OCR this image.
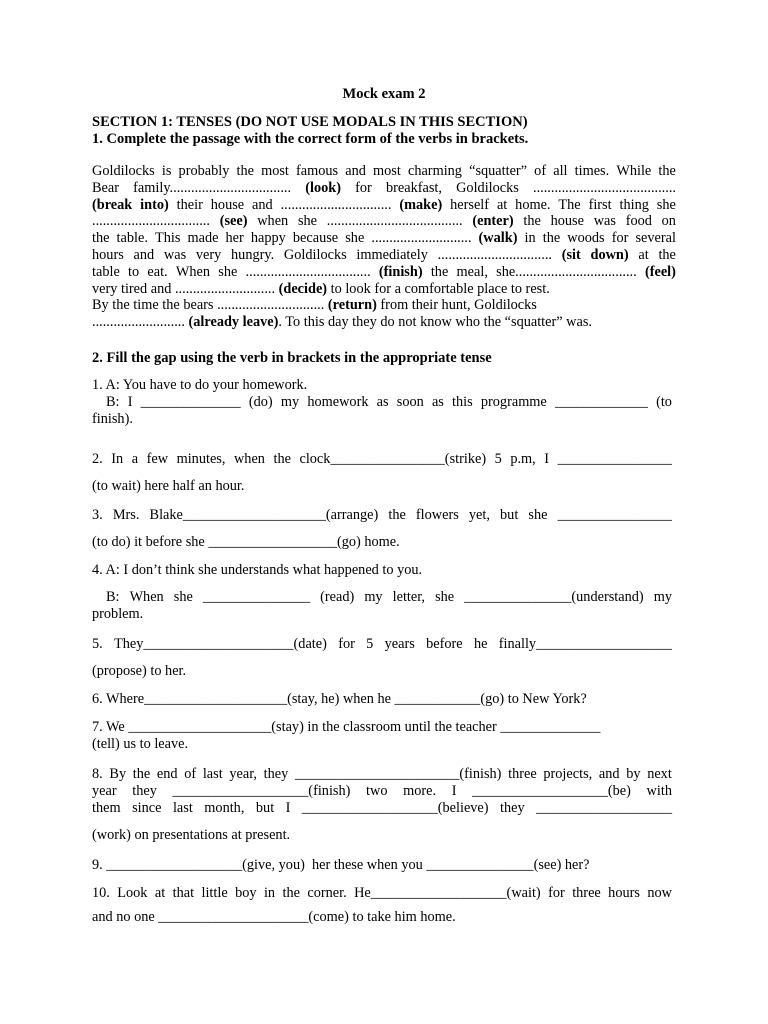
Mock exam 2
SECTION 1: TENSES (DO NOT USE MODALS IN THIS SECTION)
1. Complete the passage with the correct form of the verbs in brackets.
Goldilocks is probably the most famous and most charming “squatter” of all times. While the
Bear family.................................. (look) for breakfast, Goldilocks ........................................
(break into) their house and ............................... (make) herself at home. The first thing she
................................. (see) when she ...................................... (enter) the house was food on
the table. This made her happy because she ............................ (walk) in the woods for several
hours and was very hungry. Goldilocks immediately ................................ (sit down) at the
table to eat. When she ................................... (finish) the meal, she.................................. (feel)
very tired and ............................ (decide) to look for a comfortable place to rest.
By the time the bears .............................. (return) from their hunt, Goldilocks
.......................... (already leave). To this day they do not know who the “squatter” was.
2. Fill the gap using the verb in brackets in the appropriate tense
1. A: You have to do your homework.
B: I ______________ (do) my homework as soon as this programme _____________ (to
finish).
2. In a few minutes, when the clock________________(strike) 5 p.m, I ________________
(to wait) here half an hour.
3. Mrs. Blake____________________(arrange) the flowers yet, but she ________________
(to do) it before she __________________(go) home.
4. A: I don’t think she understands what happened to you.
B: When she _______________ (read) my letter, she _______________(understand) my
problem.
5. They_____________________(date) for 5 years before he finally___________________
(propose) to her.
6. Where____________________(stay, he) when he ____________(go) to New York?
7. We ____________________(stay) in the classroom until the teacher ______________
(tell) us to leave.
8. By the end of last year, they _______________________(finish) three projects, and by next
year they ___________________(finish) two more. I ___________________(be) with
them since last month, but I ___________________(believe) they ___________________
(work) on presentations at present.
9. ___________________(give, you)  her these when you _______________(see) her?
10. Look at that little boy in the corner. He___________________(wait) for three hours now
and no one _____________________(come) to take him home.
